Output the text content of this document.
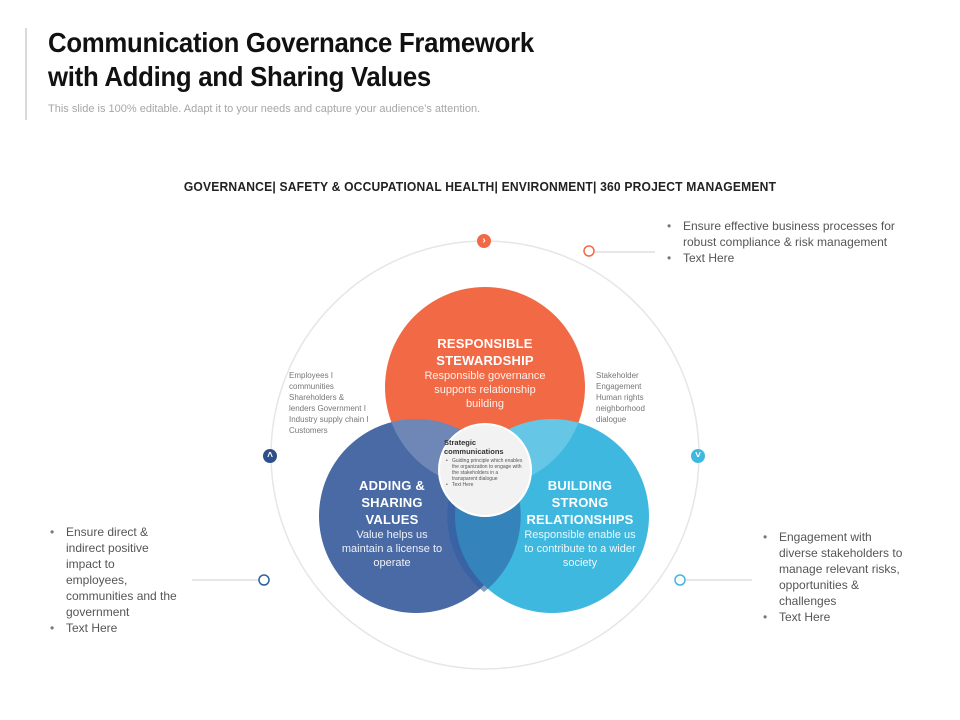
Communication Governance Framework
with Adding and Sharing Values
This slide is 100% editable. Adapt it to your needs and capture your audience’s attention.
GOVERNANCE| SAFETY & OCCUPATIONAL HEALTH| ENVIRONMENT| 360 PROJECT MANAGEMENT
›
˄	˅
RESPONSIBLE
STEWARDSHIP
Responsible governance supports relationship building
ADDING &
SHARING
VALUES
Value helps us maintain a license to operate
BUILDING
STRONG
RELATIONSHIPS
Responsible enable us to contribute to a wider society
Strategic communications
• Guiding principle which enables the organization to engage with the stakeholders in a transparent dialogue
• Text Here
Employees I
communities
Shareholders &
lenders Government I
Industry supply chain I
Customers
Stakeholder
Engagement
Human rights
neighborhood
dialogue
• Ensure effective business processes for robust compliance & risk management
• Text Here
• Ensure direct & indirect positive impact to employees, communities and the government
• Text Here
• Engagement with diverse stakeholders to manage relevant risks, opportunities & challenges
• Text Here
